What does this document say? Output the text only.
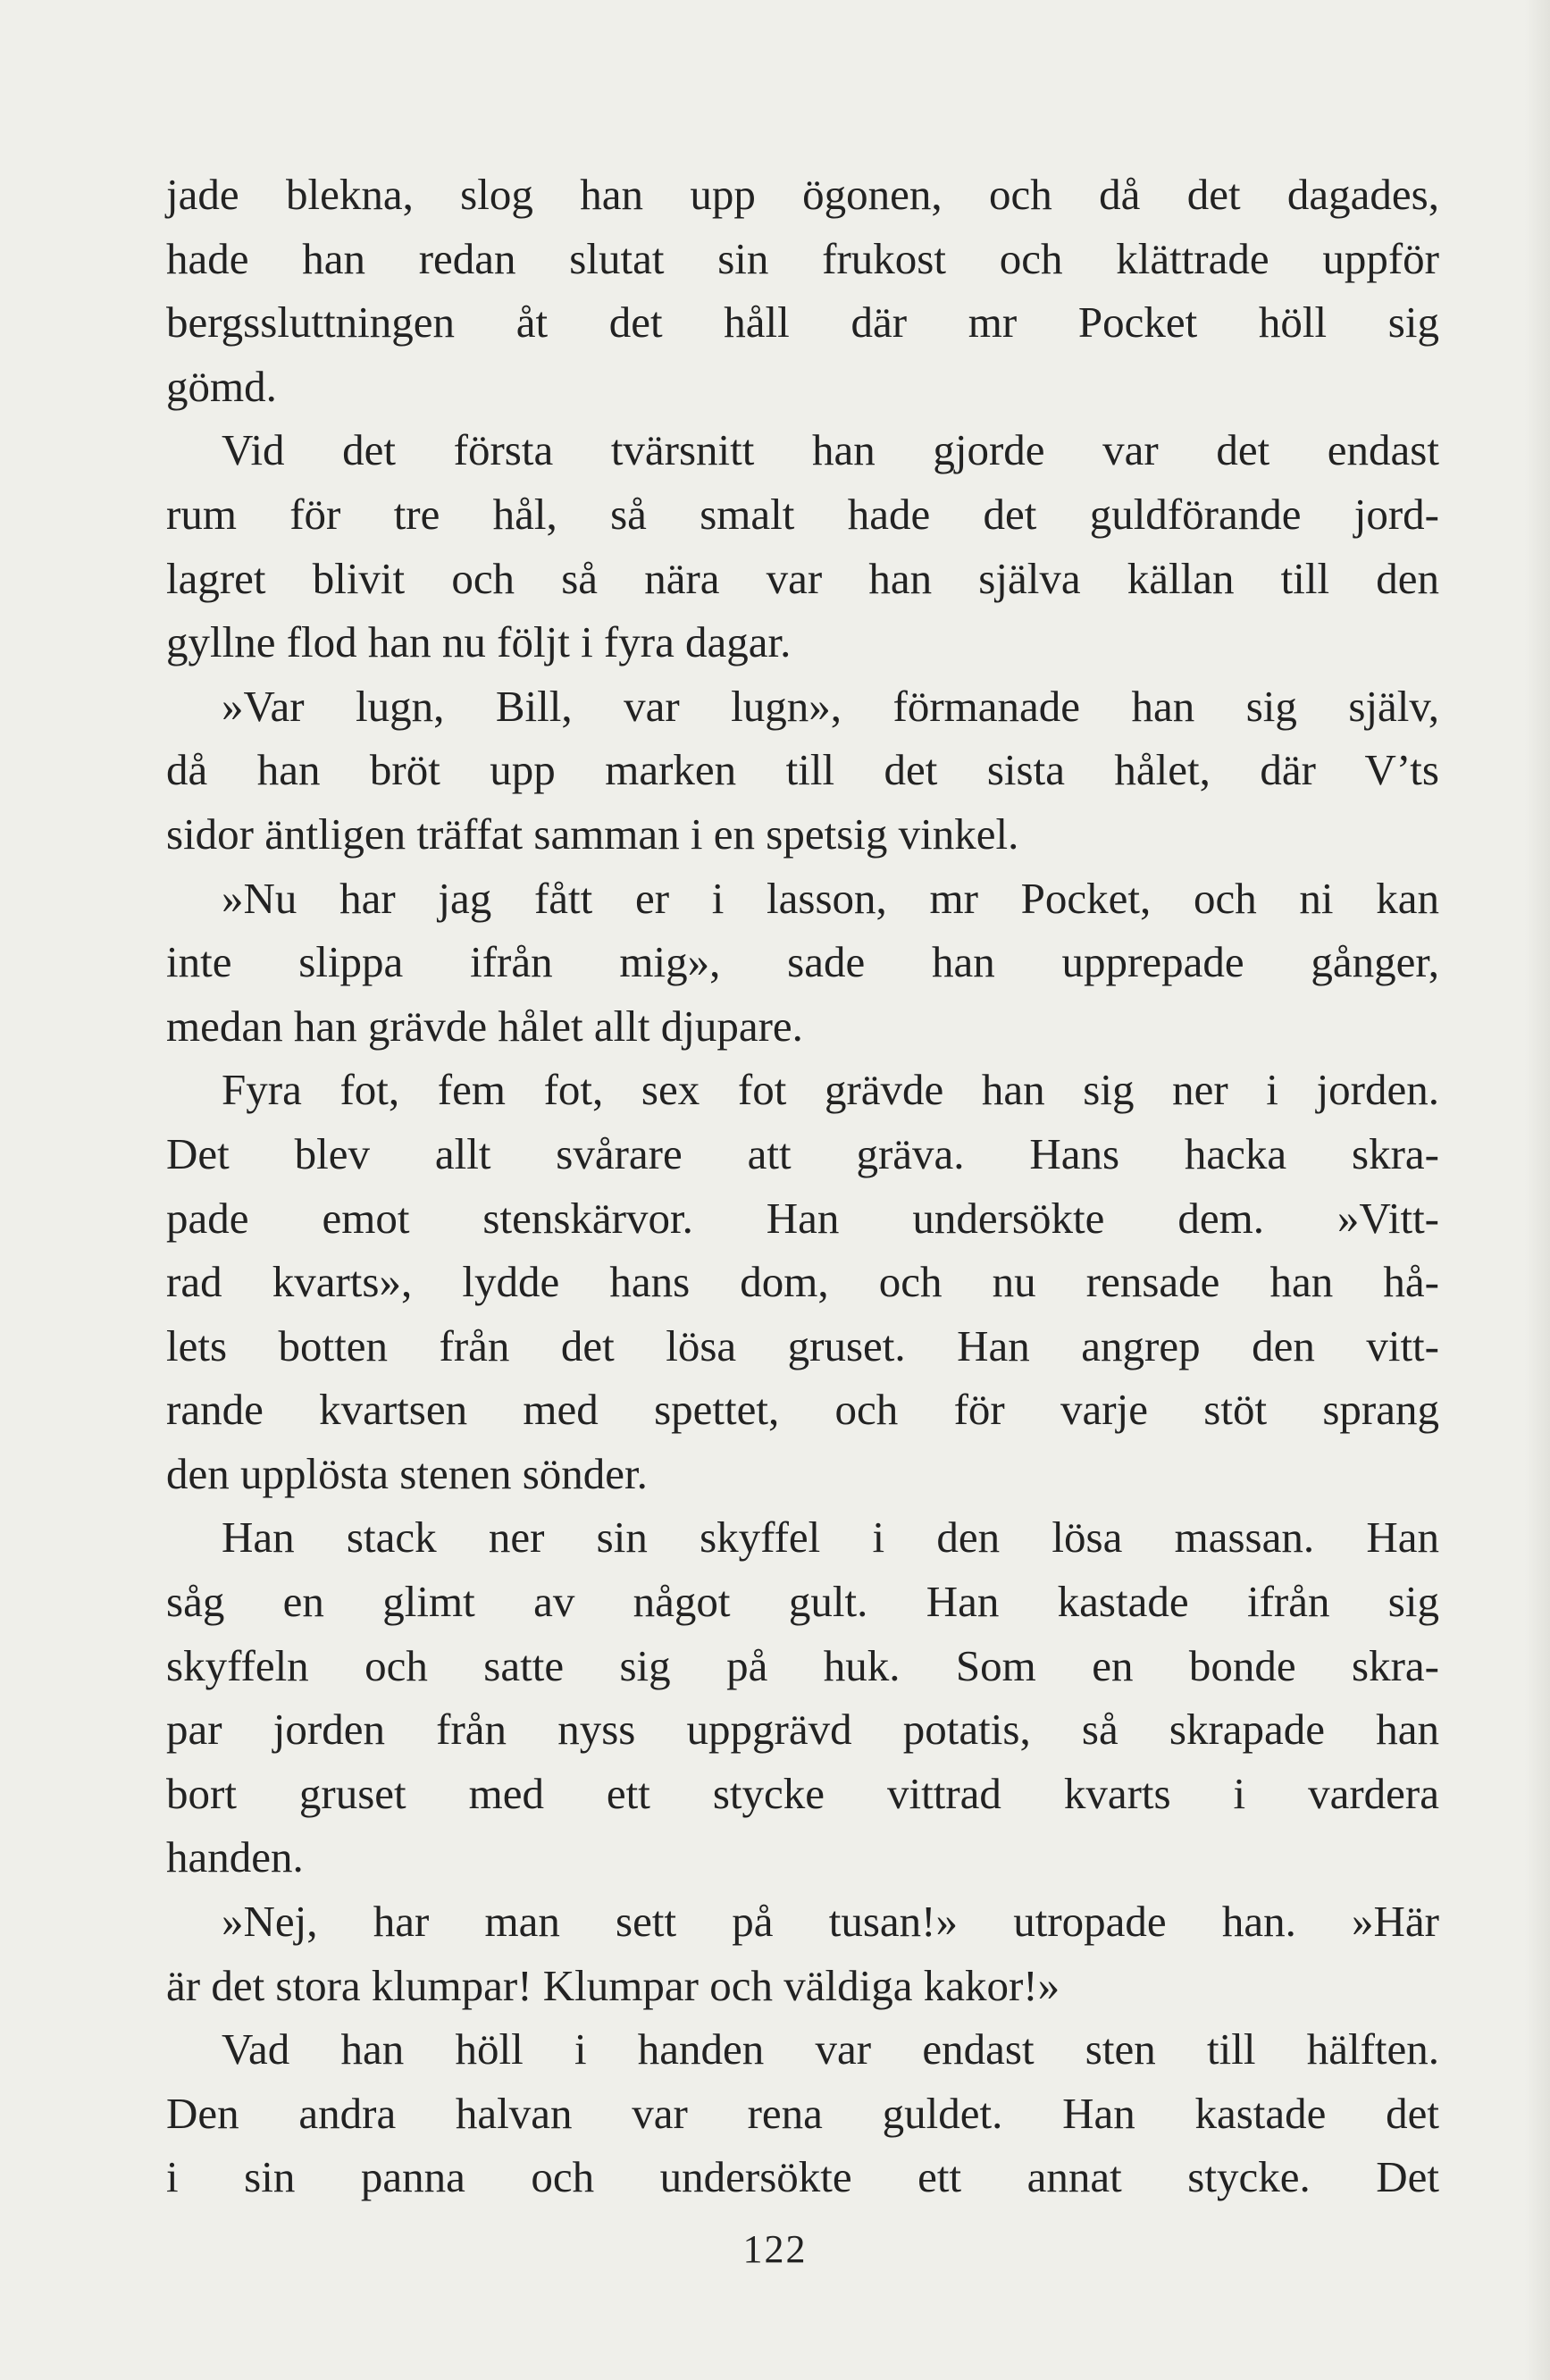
jade blekna, slog han upp ögonen, och då det dagades,
hade han redan slutat sin frukost och klättrade uppför
bergssluttningen åt det håll där mr Pocket höll sig
gömd.
Vid det första tvärsnitt han gjorde var det endast
rum för tre hål, så smalt hade det guldförande jord-
lagret blivit och så nära var han själva källan till den
gyllne flod han nu följt i fyra dagar.
»Var lugn, Bill, var lugn», förmanade han sig själv,
då han bröt upp marken till det sista hålet, där V’ts
sidor äntligen träffat samman i en spetsig vinkel.
»Nu har jag fått er i lasson, mr Pocket, och ni kan
inte slippa ifrån mig», sade han upprepade gånger,
medan han grävde hålet allt djupare.
Fyra fot, fem fot, sex fot grävde han sig ner i jorden.
Det blev allt svårare att gräva. Hans hacka skra-
pade emot stenskärvor. Han undersökte dem. »Vitt-
rad kvarts», lydde hans dom, och nu rensade han hå-
lets botten från det lösa gruset. Han angrep den vitt-
rande kvartsen med spettet, och för varje stöt sprang
den upplösta stenen sönder.
Han stack ner sin skyffel i den lösa massan. Han
såg en glimt av något gult. Han kastade ifrån sig
skyffeln och satte sig på huk. Som en bonde skra-
par jorden från nyss uppgrävd potatis, så skrapade han
bort gruset med ett stycke vittrad kvarts i vardera
handen.
»Nej, har man sett på tusan!» utropade han. »Här
är det stora klumpar! Klumpar och väldiga kakor!»
Vad han höll i handen var endast sten till hälften.
Den andra halvan var rena guldet. Han kastade det
i sin panna och undersökte ett annat stycke. Det
122
